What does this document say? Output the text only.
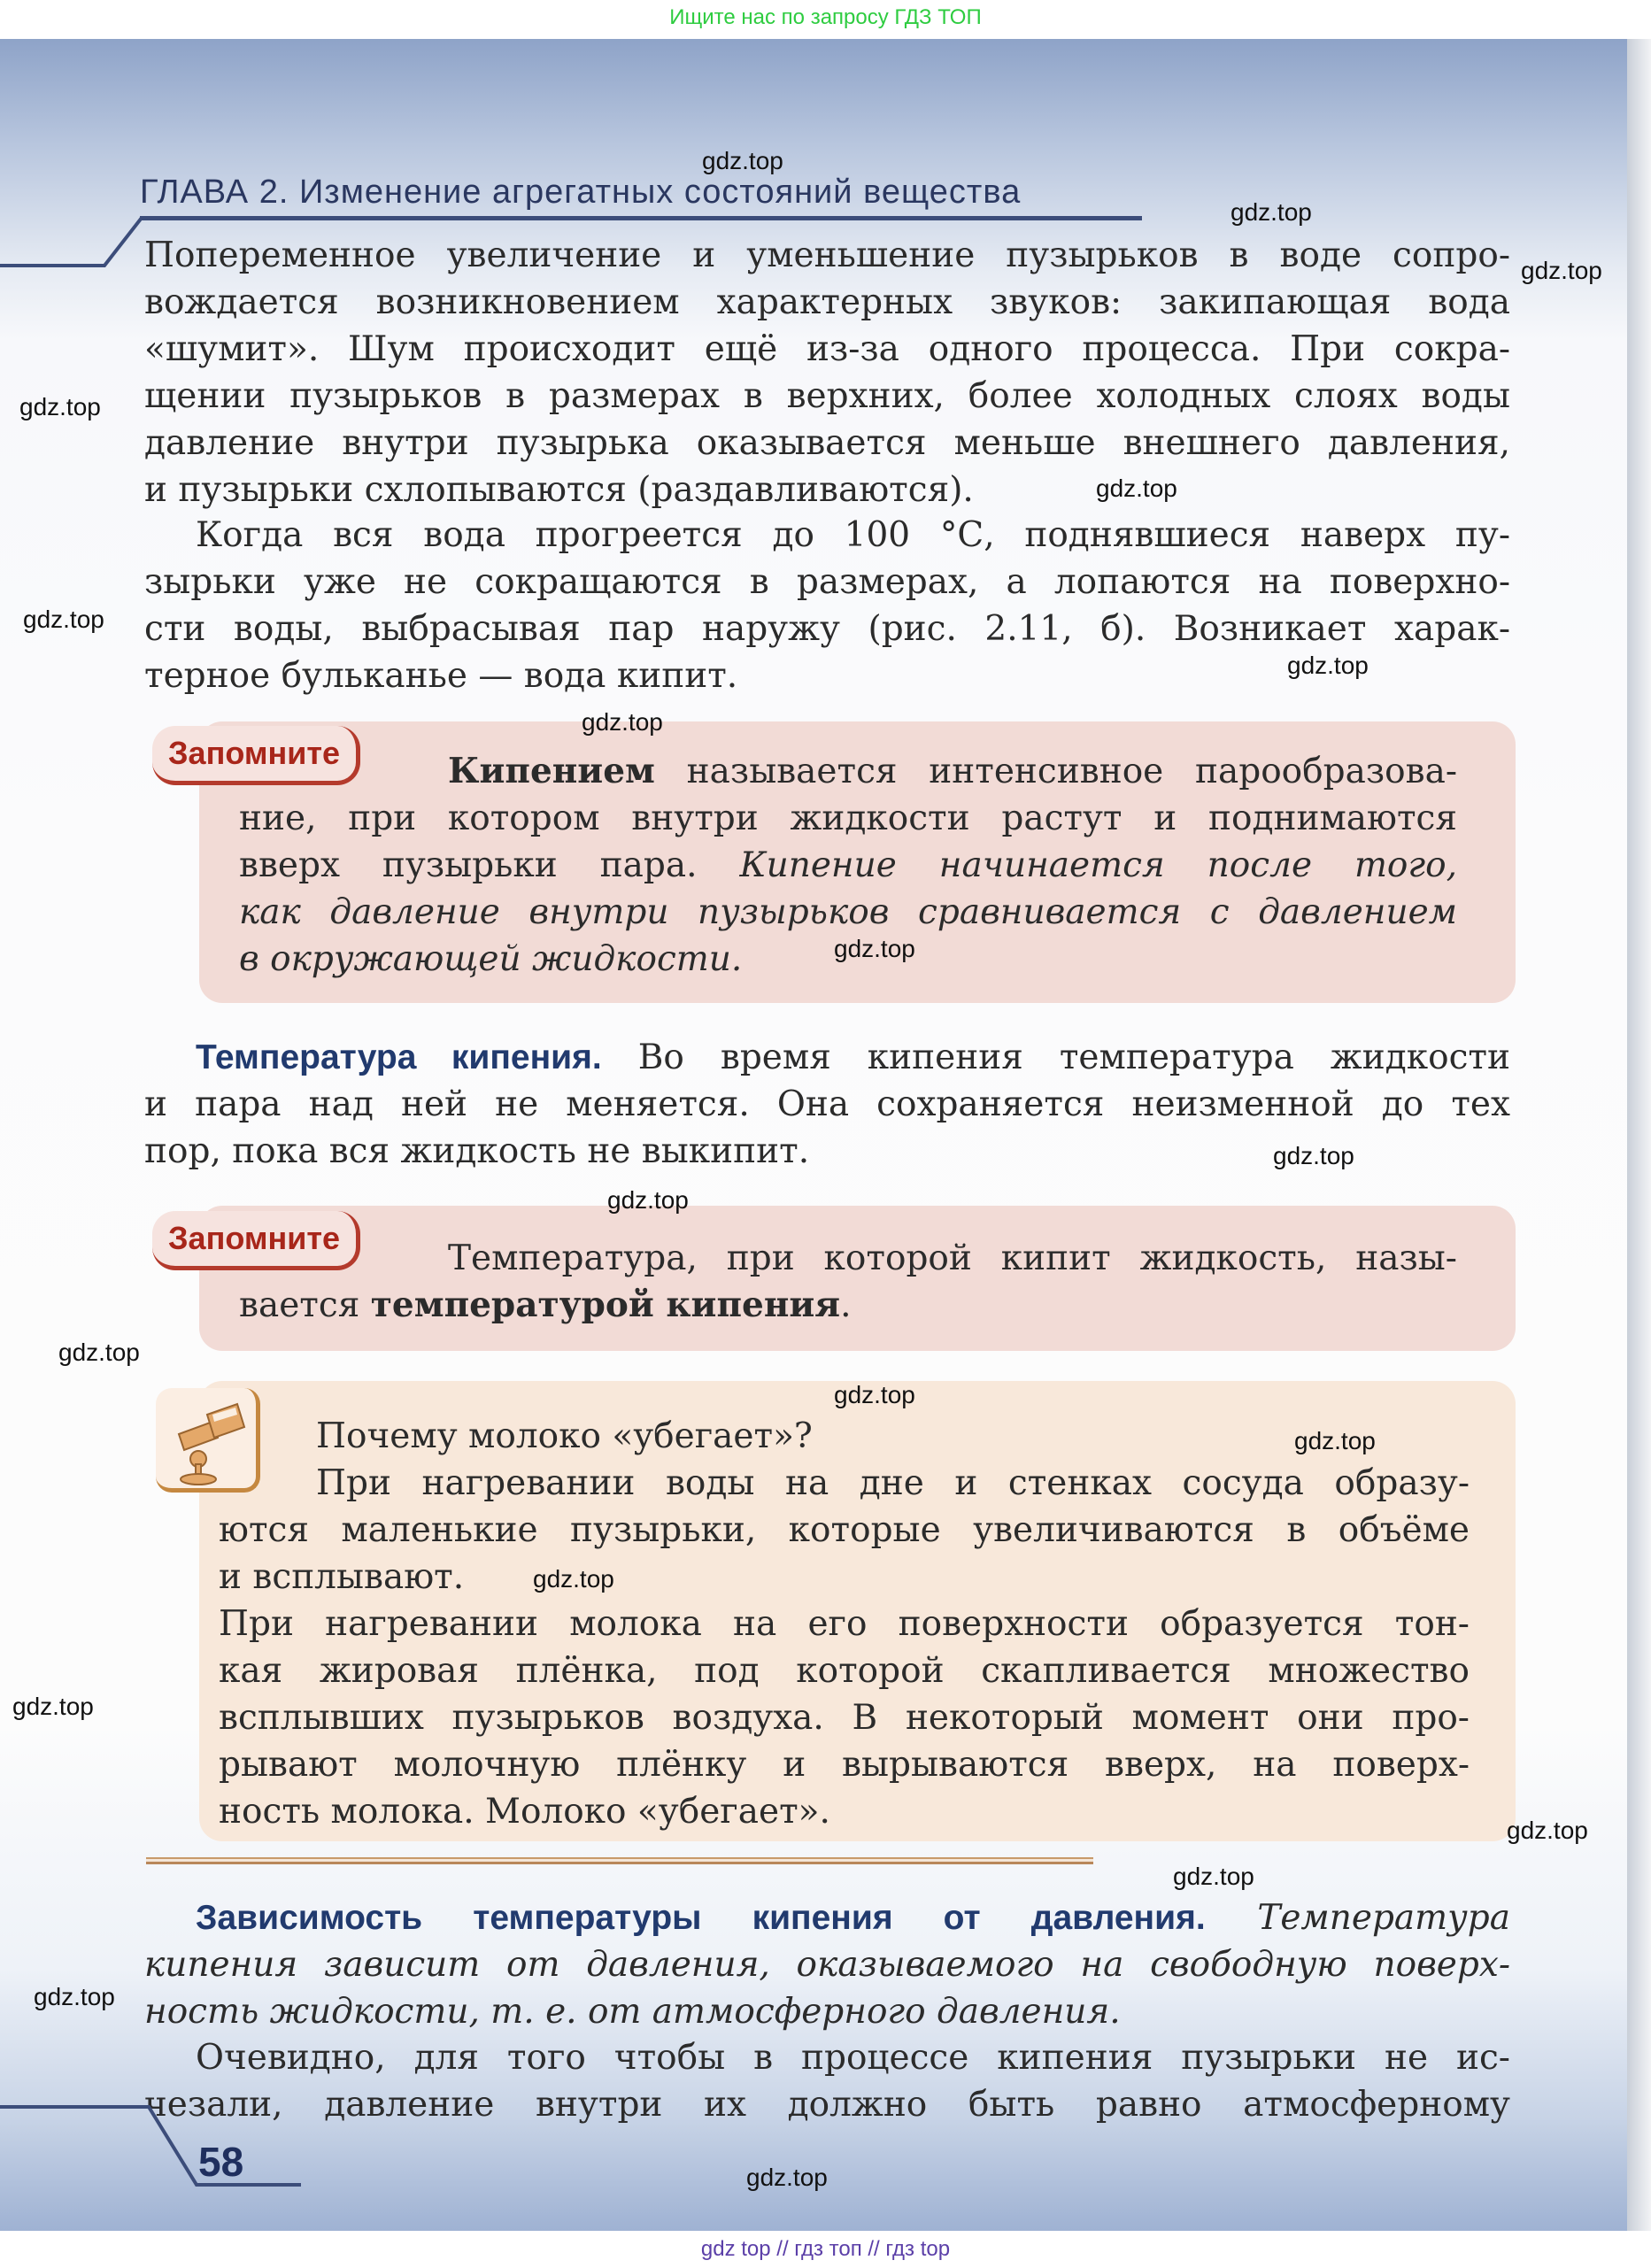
Ищите нас по запросу ГДЗ ТОП
ГЛАВА 2. Изменение агрегатных состояний вещества
Попеременное увеличение и уменьшение пузырьков в воде сопро-
вождается возникновением характерных звуков: закипающая вода
«шумит». Шум происходит ещё из-за одного процесса. При сокра-
щении пузырьков в размерах в верхних, более холодных слоях воды
давление внутри пузырька оказывается меньше внешнего давления,
и пузырьки схлопываются (раздавливаются).
Когда вся вода прогреется до 100 °С, поднявшиеся наверх пу-
зырьки уже не сокращаются в размерах, а лопаются на поверхно-
сти воды, выбрасывая пар наружу (рис. 2.11, б). Возникает харак-
терное бульканье — вода кипит.
Запомните	Кипением называется интенсивное парообразова-
ние, при котором внутри жидкости растут и поднимаются
вверх пузырьки пара. Кипение начинается после того,
как давление внутри пузырьков сравнивается с давлением
в окружающей жидкости.
Температура кипения. Во время кипения температура жидкости
и пара над ней не меняется. Она сохраняется неизменной до тех
пор, пока вся жидкость не выкипит.
Запомните
Температура, при которой кипит жидкость, назы-
вается температурой кипения.
Почему молоко «убегает»?
При нагревании воды на дне и стенках сосуда образу-
ются маленькие пузырьки, которые увеличиваются в объёме
и всплывают.
При нагревании молока на его поверхности образуется тон-
кая жировая плёнка, под которой скапливается множество
всплывших пузырьков воздуха. В некоторый момент они про-
рывают молочную плёнку и вырываются вверх, на поверх-
ность молока. Молоко «убегает».
Зависимость температуры кипения от давления. Температура
кипения зависит от давления, оказываемого на свободную поверх-
ность жидкости, т. е. от атмосферного давления.
Очевидно, для того чтобы в процессе кипения пузырьки не ис-
чезали, давление внутри их должно быть равно атмосферному
58
gdz.top
gdz.top
gdz.top
gdz.top
gdz.top
gdz.top
gdz.top
gdz.top
gdz.top
gdz.top
gdz.top
gdz.top
gdz.top
gdz.top
gdz.top
gdz.top
gdz.top
gdz.top
gdz.top
gdz.top
gdz top // гдз топ // гдз top
